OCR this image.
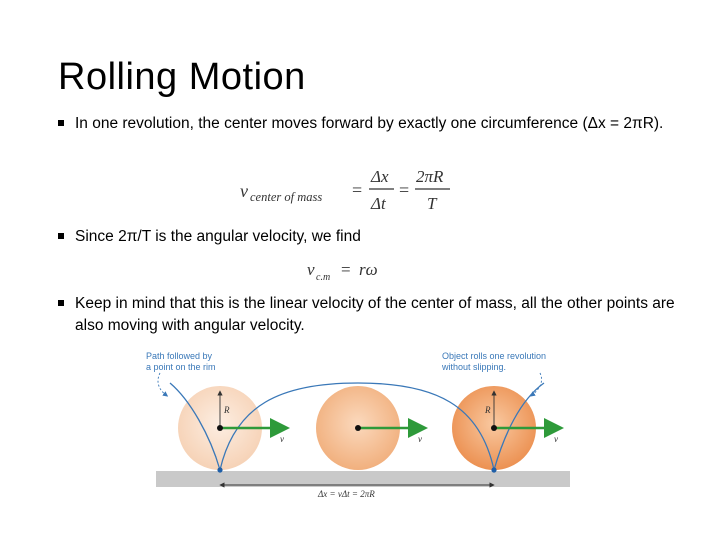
Rolling Motion
In one revolution, the center moves forward by exactly one circumference (Δx = 2πR).
v center of mass =
Δx
Δt
=
2πR
T
Since 2π/T is the angular velocity, we find
v c.m = rω
Keep in mind that this is the linear velocity of the center of mass, all the other points are also moving with angular velocity.
R	R
v	v	v
Path followed by
a point on the rim
Object rolls one revolution
without slipping.
Δx = vΔt = 2πR
